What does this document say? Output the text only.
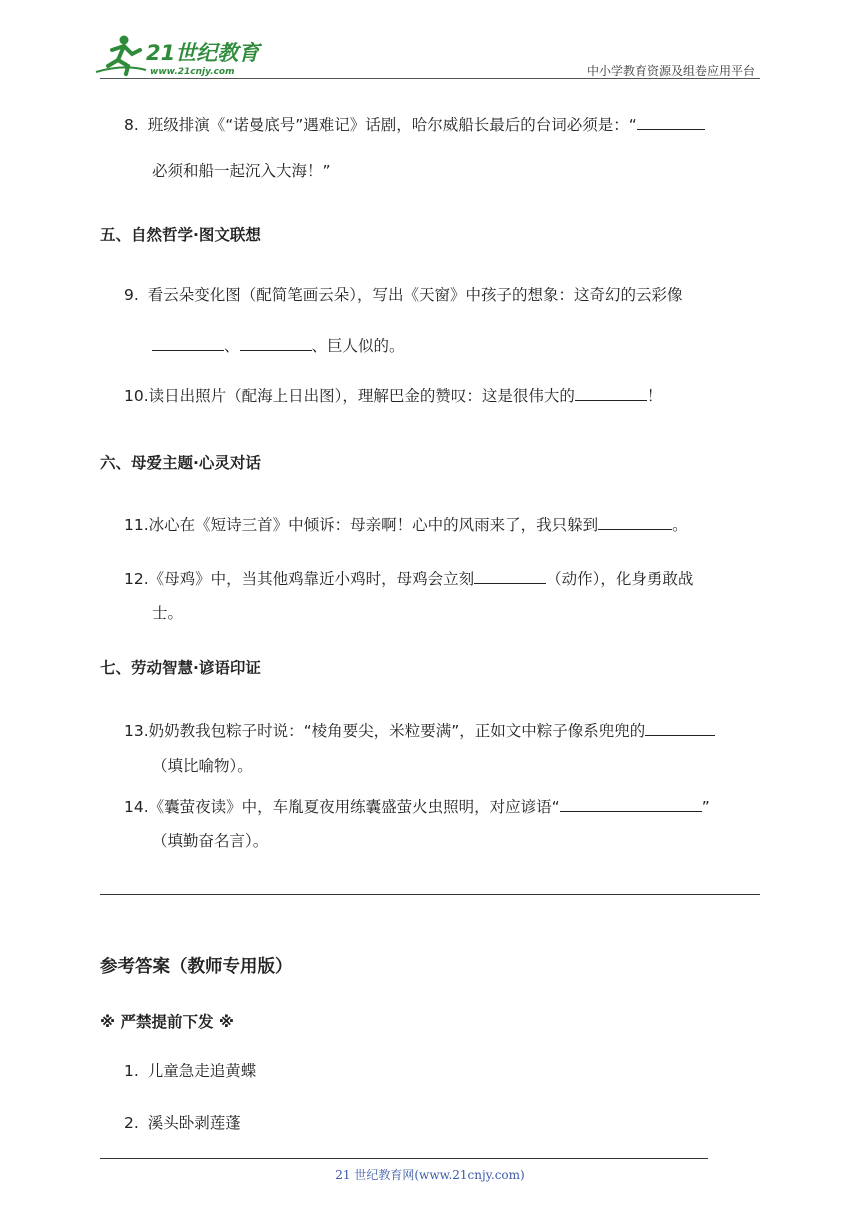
21世纪教育
www.21cnjy.com	中小学教育资源及组卷应用平台
8. 班级排演《“诺曼底号”遇难记》话剧，哈尔威船长最后的台词必须是：“
必须和船一起沉入大海！”
五、自然哲学·图文联想
9. 看云朵变化图（配简笔画云朵），写出《天窗》中孩子的想象：这奇幻的云彩像
、	、巨人似的。
10.读日出照片（配海上日出图），理解巴金的赞叹：这是很伟大的	！
六、母爱主题·心灵对话
11.冰心在《短诗三首》中倾诉：母亲啊！心中的风雨来了，我只躲到	。
12.《母鸡》中，当其他鸡靠近小鸡时，母鸡会立刻	（动作），化身勇敢战
士。
七、劳动智慧·谚语印证
13.奶奶教我包粽子时说：“棱角要尖，米粒要满”，正如文中粽子像系兜兜的
（填比喻物）。
14.《囊萤夜读》中，车胤夏夜用练囊盛萤火虫照明，对应谚语“	”
（填勤奋名言）。
参考答案（教师专用版）
※ 严禁提前下发 ※
1. 儿童急走追黄蝶
2. 溪头卧剥莲蓬
21 世纪教育网(www.21cnjy.com)
